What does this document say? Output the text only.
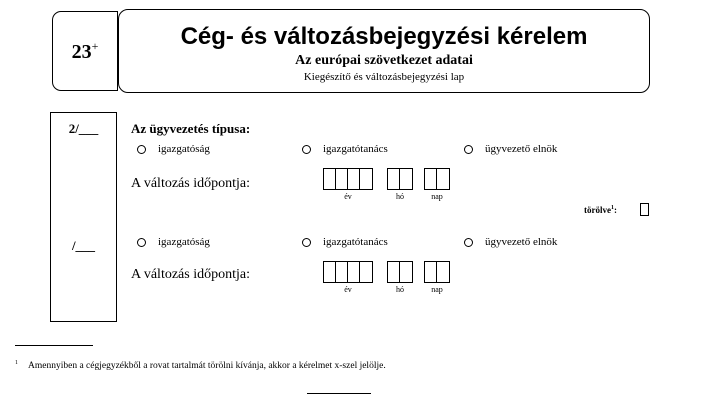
23+	Cég- és változásbejegyzési kérelem
Az európai szövetkezet adatai
Kiegészítő és változásbejegyzési lap
2/___
/___
Az ügyvezetés típusa:
igazgatóság	igazgatótanács	ügyvezető elnök
A változás időpontja:
év	hó	nap
törölve$^1$:
igazgatóság	igazgatótanács	ügyvezető elnök
A változás időpontja:
év	hó	nap
$^1$ Amennyiben a cégjegyzékből a rovat tartalmát törölni kívánja, akkor a kérelmet x-szel jelölje.
